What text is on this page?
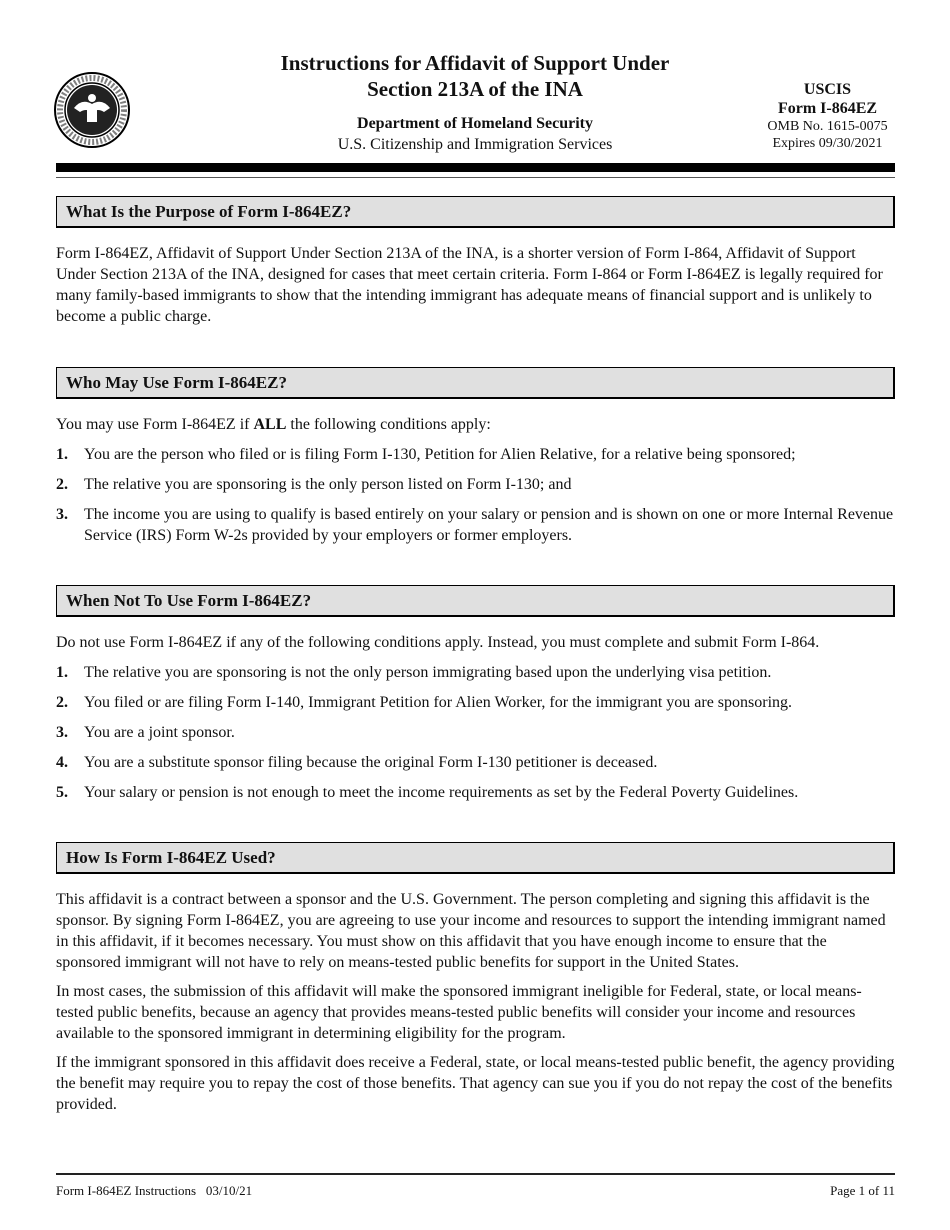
Instructions for Affidavit of Support Under
Section 213A of the INA
Department of Homeland Security
U.S. Citizenship and Immigration Services
USCIS
Form I-864EZ
OMB No. 1615-0075
Expires 09/30/2021
What Is the Purpose of Form I-864EZ?

Form I-864EZ, Affidavit of Support Under Section 213A of the INA, is a shorter version of Form I-864, Affidavit of Support Under Section 213A of the INA, designed for cases that meet certain criteria. Form I-864 or Form I-864EZ is legally required for many family-based immigrants to show that the intending immigrant has adequate means of financial support and is unlikely to become a public charge.

Who May Use Form I-864EZ?

You may use Form I-864EZ if ALL the following conditions apply:

1.	You are the person who filed or is filing Form I-130, Petition for Alien Relative, for a relative being sponsored;
2.	The relative you are sponsoring is the only person listed on Form I-130; and
3.	The income you are using to qualify is based entirely on your salary or pension and is shown on one or more Internal Revenue Service (IRS) Form W-2s provided by your employers or former employers.
When Not To Use Form I-864EZ?

Do not use Form I-864EZ if any of the following conditions apply. Instead, you must complete and submit Form I-864.

1.	The relative you are sponsoring is not the only person immigrating based upon the underlying visa petition.
2.	You filed or are filing Form I-140, Immigrant Petition for Alien Worker, for the immigrant you are sponsoring.
3.	You are a joint sponsor.
4.	You are a substitute sponsor filing because the original Form I-130 petitioner is deceased.
5.	Your salary or pension is not enough to meet the income requirements as set by the Federal Poverty Guidelines.
How Is Form I-864EZ Used?

This affidavit is a contract between a sponsor and the U.S. Government. The person completing and signing this affidavit is the sponsor. By signing Form I-864EZ, you are agreeing to use your income and resources to support the intending immigrant named in this affidavit, if it becomes necessary. You must show on this affidavit that you have enough income to ensure that the sponsored immigrant will not have to rely on means-tested public benefits for support in the United States.

In most cases, the submission of this affidavit will make the sponsored immigrant ineligible for Federal, state, or local means-tested public benefits, because an agency that provides means-tested public benefits will consider your income and resources available to the sponsored immigrant in determining eligibility for the program.

If the immigrant sponsored in this affidavit does receive a Federal, state, or local means-tested public benefit, the agency providing the benefit may require you to repay the cost of those benefits. That agency can sue you if you do not repay the cost of the benefits provided.

Form I-864EZ Instructions   03/10/21	Page 1 of 11
